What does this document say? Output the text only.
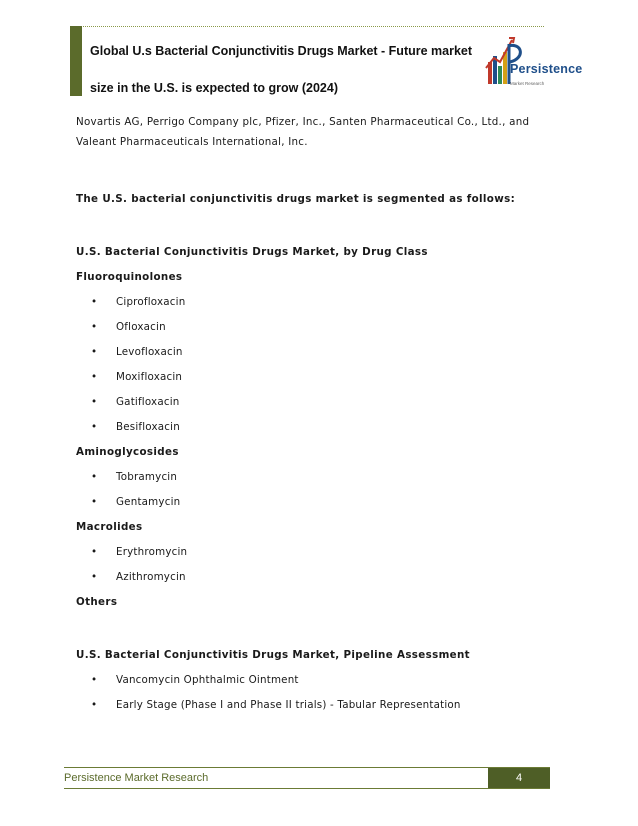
Global U.s Bacterial Conjunctivitis Drugs Market - Future market
size in the U.S. is expected to grow (2024)
Persistence
Market Research

Novartis AG, Perrigo Company plc, Pfizer, Inc., Santen Pharmaceutical Co., Ltd., and Valeant Pharmaceuticals International, Inc.

The U.S. bacterial conjunctivitis drugs market is segmented as follows:

U.S. Bacterial Conjunctivitis Drugs Market, by Drug Class

Fluoroquinolones

• Ciprofloxacin
• Ofloxacin
• Levofloxacin
• Moxifloxacin
• Gatifloxacin
• Besifloxacin

Aminoglycosides

• Tobramycin
• Gentamycin

Macrolides

• Erythromycin
• Azithromycin

Others

U.S. Bacterial Conjunctivitis Drugs Market, Pipeline Assessment

• Vancomycin Ophthalmic Ointment
• Early Stage (Phase I and Phase II trials) - Tabular Representation
Persistence Market Research	4
